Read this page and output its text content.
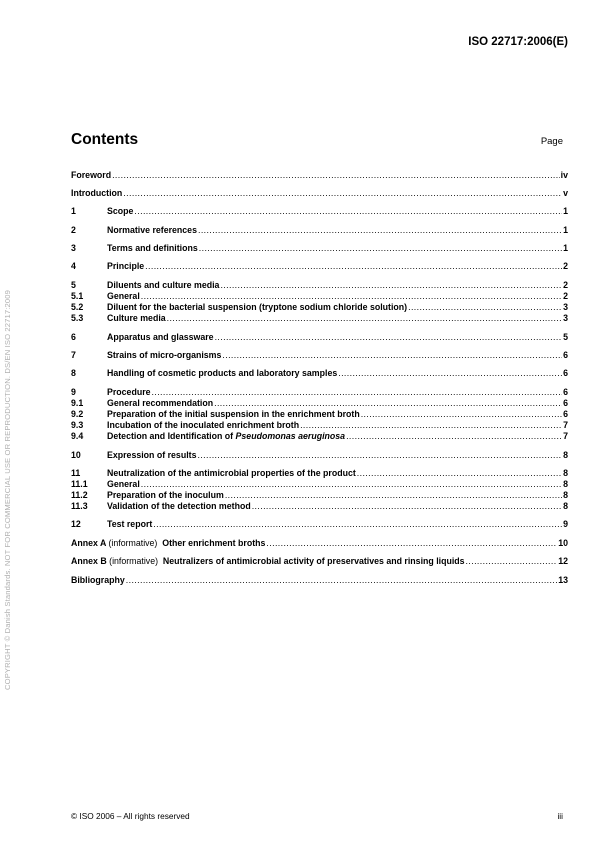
ISO 22717:2006(E)
COPYRIGHT © Danish Standards. NOT FOR COMMERCIAL USE OR REPRODUCTION. DS/EN ISO 22717:2009
Contents	Page
Foreword .....	iv
Introduction .....	v
1	Scope .....	1
2	Normative references .....	1
3	Terms and definitions .....	1
4	Principle .....	2
5	Diluents and culture media .....	2
5.1	General .....	2
5.2	Diluent for the bacterial suspension (tryptone sodium chloride solution) .....	3
5.3	Culture media .....	3
6	Apparatus and glassware .....	5
7	Strains of micro-organisms .....	6
8	Handling of cosmetic products and laboratory samples .....	6
9	Procedure .....	6
9.1	General recommendation .....	6
9.2	Preparation of the initial suspension in the enrichment broth .....	6
9.3	Incubation of the inoculated enrichment broth .....	7
9.4	Detection and Identification of Pseudomonas aeruginosa .....	7
10	Expression of results .....	8
11	Neutralization of the antimicrobial properties of the product .....	8
11.1	General .....	8
11.2	Preparation of the inoculum .....	8
11.3	Validation of the detection method .....	8
12	Test report .....	9
Annex A (informative) Other enrichment broths .....	10
Annex B (informative) Neutralizers of antimicrobial activity of preservatives and rinsing liquids .....	12
Bibliography .....	13
© ISO 2006 – All rights reserved	iii
